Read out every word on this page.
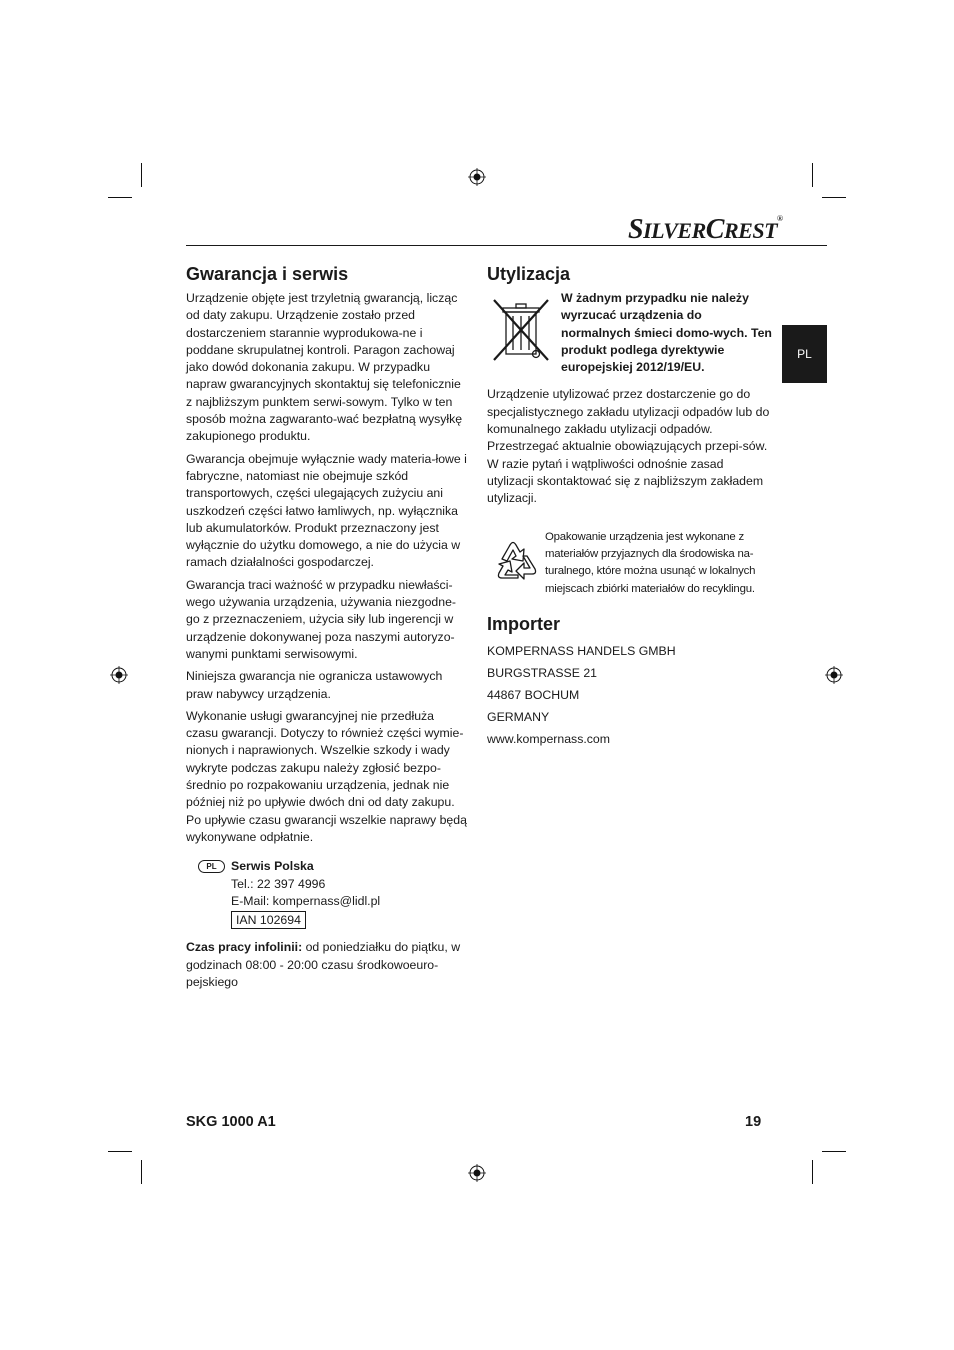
SILVERCREST®
PL
Gwarancja i serwis

Urządzenie objęte jest trzyletnią gwarancją, licząc od daty zakupu. Urządzenie zostało przed dostarczeniem starannie wyprodukowa-ne i poddane skrupulatnej kontroli. Paragon zachowaj jako dowód dokonania zakupu. W przypadku napraw gwarancyjnych skontaktuj się telefonicznie z najbliższym punktem serwi-sowym. Tylko w ten sposób można zagwaranto-wać bezpłatną wysyłkę zakupionego produktu.

Gwarancja obejmuje wyłącznie wady materia-łowe i fabryczne, natomiast nie obejmuje szkód transportowych, części ulegających zużyciu ani uszkodzeń części łatwo łamliwych, np. wyłącznika lub akumulatorków. Produkt przeznaczony jest wyłącznie do użytku domowego, a nie do użycia w ramach działalności gospodarczej.

Gwarancja traci ważność w przypadku niewłaści-wego używania urządzenia, używania niezgodne-go z przeznaczeniem, użycia siły lub ingerencji w urządzenie dokonywanej poza naszymi autoryzo-wanymi punktami serwisowymi.

Niniejsza gwarancja nie ogranicza ustawowych praw nabywcy urządzenia.

Wykonanie usługi gwarancyjnej nie przedłuża czasu gwarancji. Dotyczy to również części wymie-nionych i naprawionych. Wszelkie szkody i wady wykryte podczas zakupu należy zgłosić bezpo-średnio po rozpakowaniu urządzenia, jednak nie później niż po upływie dwóch dni od daty zakupu. Po upływie czasu gwarancji wszelkie naprawy będą wykonywane odpłatnie.

PL	Serwis Polska
Tel.: 22 397 4996
E-Mail: kompernass@lidl.pl
IAN 102694

Czas pracy infolinii: od poniedziałku do piątku, w godzinach 08:00 - 20:00 czasu środkowoeuro-pejskiego

Utylizacja
W żadnym przypadku nie należy wyrzucać urządzenia do normalnych śmieci domo-wych. Ten produkt podlega dyrektywie europejskiej 2012/19/EU.

Urządzenie utylizować przez dostarczenie go do specjalistycznego zakładu utylizacji odpadów lub do komunalnego zakładu utylizacji odpadów. Przestrzegać aktualnie obowiązujących przepi-sów. W razie pytań i wątpliwości odnośnie zasad utylizacji skontaktować się z najbliższym zakładem utylizacji.

Opakowanie urządzenia jest wykonane z materiałów przyjaznych dla środowiska na-turalnego, które można usunąć w lokalnych miejscach zbiórki materiałów do recyklingu.
Importer
KOMPERNASS HANDELS GMBH
BURGSTRASSE 21
44867 BOCHUM
GERMANY
www.kompernass.com
SKG 1000 A1	19
